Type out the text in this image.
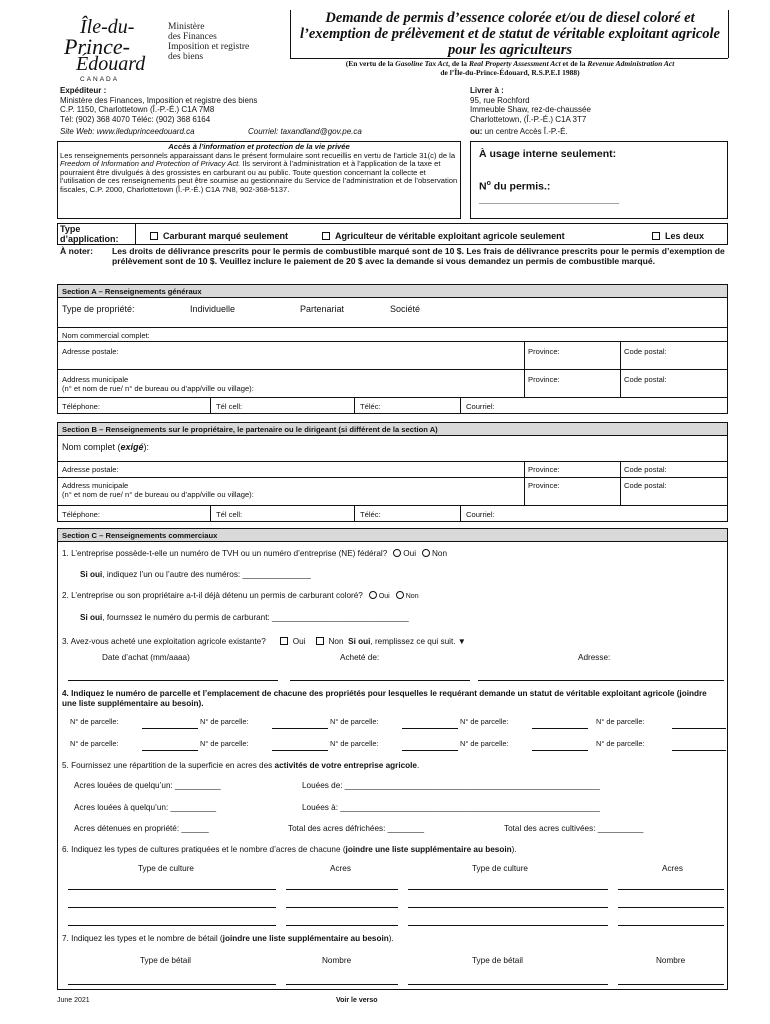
Île-du-
Prince-
Édouard
CANADA
Ministère
des Finances
Imposition et registre
des biens
Demande de permis d’essence colorée et/ou de diesel coloré et l’exemption de prélèvement et de statut de véritable exploitant agricole pour les agriculteurs
(En vertu de la Gasoline Tax Act, de la Real Property Assessment Act et de la Revenue Administration Act
de l’Île-du-Prince-Édouard, R.S.P.E.I 1988)
Expéditeur :
Ministère des Finances, Imposition et registre des biens
C.P. 1150, Charlottetown (Î.-P.-É.) C1A 7M8
Tél: (902) 368 4070 Téléc: (902) 368 6164
Livrer à :
95, rue Rochford
Immeuble Shaw, rez-de-chaussée
Charlottetown, (Î.-P.-É.) C1A 3T7
Site Web: www.ileduprinceedouard.ca	Courriel: taxandland@gov.pe.ca	ou: un centre Accès Î.-P.-É.
Accès à l’information et protection de la vie privée
Les renseignements personnels apparaissant dans le présent formulaire sont recueillis en vertu de l’article 31(c) de la Freedom of Information and Protection of Privacy Act. Ils serviront à l’administration et à l’application de la taxe et pourraient être divulgués à des grossistes en carburant ou au public. Toute question concernant la collecte et l’utilisation de ces renseignements peut être soumise au gestionnaire du Service de l’administration et de l’observation fiscales, C.P. 2000, Charlottetown (Î.-P.-É.) C1A 7N8, 902-368-5137.
À usage interne seulement:
$N^o$ du permis.:
________________________
Type d’application:	Carburant marqué seulement	Agriculteur de véritable exploitant agricole seulement	Les deux
À noter: Les droits de délivrance prescrits pour le permis de combustible marqué sont de 10 $. Les frais de délivrance prescrits pour le permis d’exemption de prélèvement sont de 10 $. Veuillez inclure le paiement de 20 $ avec la demande si vous demandez un permis de combustible marqué.
Section A – Renseignements généraux
Type de propriété:	Individuelle	Partenariat	Société
Nom commercial complet:
Adresse postale:	Province:	Code postal:
Address municipale
(n° et nom de rue/ n° de bureau ou d’app/ville ou village):
Province:	Code postal:
Téléphone:	Tél cell:	Téléc:	Courriel:
Section B – Renseignements sur le propriétaire, le partenaire ou le dirigeant (si différent de la section A)
Nom complet (exigé):
Adresse postale:	Province:	Code postal:
Address municipale
(n° et nom de rue/ n° de bureau ou d’app/ville ou village):
Province:	Code postal:
Téléphone:	Tél cell:	Téléc:	Courriel:
Section C – Renseignements commerciaux
1. L’entreprise possède-t-elle un numéro de TVH ou un numéro d’entreprise (NE) fédéral? Oui Non
Si oui, indiquez l’un ou l’autre des numéros: _______________
2. L’entreprise ou son propriétaire a-t-il déjà détenu un permis de carburant coloré? Oui Non
Si oui, fournssez le numéro du permis de carburant: ______________________________
3. Avez-vous acheté une exploitation agricole existante?	Oui	Non Si oui, remplissez ce qui suit. ▼
Date d’achat (mm/aaaa)	Acheté de:	Adresse:
4. Indiquez le numéro de parcelle et l’emplacement de chacune des propriétés pour lesquelles le requérant demande un statut de véritable exploitant agricole (joindre une liste supplémentaire au besoin).
N° de parcelle:	N° de parcelle:	N° de parcelle:	N° de parcelle:	N° de parcelle:
N° de parcelle:	N° de parcelle:	N° de parcelle:	N° de parcelle:	N° de parcelle:
5. Fournissez une répartition de la superficie en acres des activités de votre entreprise agricole.
Acres louées de quelqu’un: __________	Louées de: ________________________________________________________
Acres louées à quelqu’un: __________	Louées à: _________________________________________________________
Acres détenues en propriété: ______	Total des acres défrichées: ________	Total des acres cultivées: __________
6. Indiquez les types de cultures pratiquées et le nombre d’acres de chacune (joindre une liste supplémentaire au besoin).
Type de culture	Acres	Type de culture	Acres
7. Indiquez les types et le nombre de bétail (joindre une liste supplémentaire au besoin).
Type de bétail	Nombre	Type de bétail	Nombre
June 2021	Voir le verso
